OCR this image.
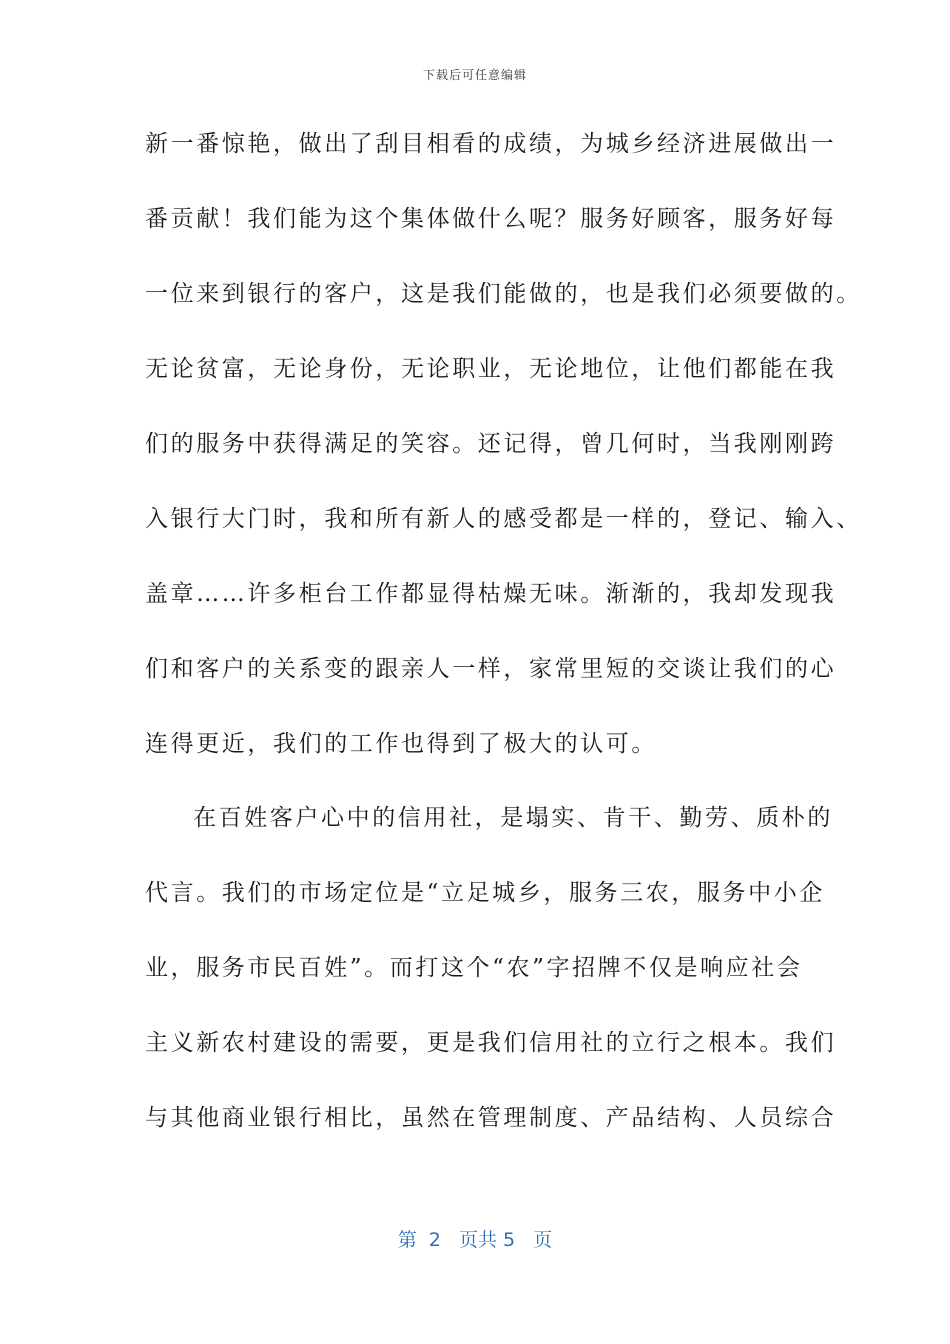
下载后可任意编辑
新一番惊艳，做出了刮目相看的成绩，为城乡经济进展做出一
番贡献！我们能为这个集体做什么呢？服务好顾客，服务好每
一位来到银行的客户，这是我们能做的，也是我们必须要做的。
无论贫富，无论身份，无论职业，无论地位，让他们都能在我
们的服务中获得满足的笑容。还记得，曾几何时，当我刚刚跨
入银行大门时，我和所有新人的感受都是一样的，登记、输入、
盖章……许多柜台工作都显得枯燥无味。渐渐的，我却发现我
们和客户的关系变的跟亲人一样，家常里短的交谈让我们的心
连得更近，我们的工作也得到了极大的认可。
在百姓客户心中的信用社，是塌实、肯干、勤劳、质朴的
代言。我们的市场定位是“立足城乡，服务三农，服务中小企
业，服务市民百姓”。而打这个“农”字招牌不仅是响应社会
主义新农村建设的需要，更是我们信用社的立行之根本。我们
与其他商业银行相比，虽然在管理制度、产品结构、人员综合
第  2   页共 5   页
